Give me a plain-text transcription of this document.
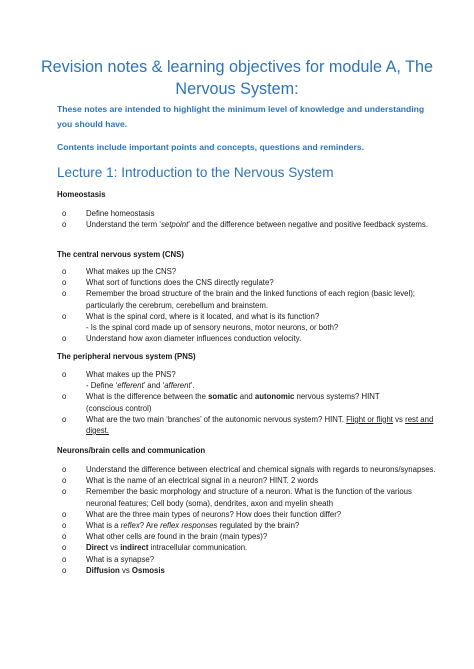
Revision notes & learning objectives for module A, The
Nervous System:
These notes are intended to highlight the minimum level of knowledge and understanding you should have.
Contents include important points and concepts, questions and reminders.
Lecture 1: Introduction to the Nervous System
Homeostasis
o	Define homeostasis
o	Understand the term ‘setpoint’ and the difference between negative and positive feedback systems.
The central nervous system (CNS)
o	What makes up the CNS?
o	What sort of functions does the CNS directly regulate?
o	Remember the broad structure of the brain and the linked functions of each region (basic level); particularly the cerebrum, cerebellum and brainstem.
o	What is the spinal cord, where is it located, and what is its function?
- Is the spinal cord made up of sensory neurons, motor neurons, or both?
o	Understand how axon diameter influences conduction velocity.
The peripheral nervous system (PNS)
o	What makes up the PNS?
- Define ‘efferent’ and ‘afferent’.
o	What is the difference between the somatic and autonomic nervous systems? HINT
(conscious control)
o	What are the two main ‘branches’ of the autonomic nervous system? HINT. Flight or flight vs rest and digest.
Neurons/brain cells and communication
o	Understand the difference between electrical and chemical signals with regards to neurons/synapses.
o	What is the name of an electrical signal in a neuron? HINT. 2 words
o	Remember the basic morphology and structure of a neuron. What is the function of the various neuronal features; Cell body (soma), dendrites, axon and myelin sheath
o	What are the three main types of neurons? How does their function differ?
o	What is a reflex? Are reflex responses regulated by the brain?
o	What other cells are found in the brain (main types)?
o	Direct vs indirect intracellular communication.
o	What is a synapse?
o	Diffusion vs Osmosis
